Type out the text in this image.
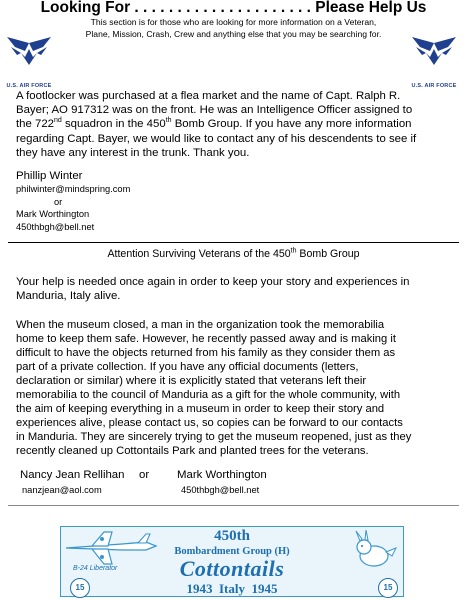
Looking For . . . . . . . . . . . . . . . . . . . . . Please Help Us
This section is for those who are looking for more information on a Veteran,
Plane, Mission, Crash, Crew and anything else that you may be searching for.
U.S. AIR FORCE	U.S. AIR FORCE
A footlocker was purchased at a flea market and the name of Capt. Ralph R.
Bayer; AO 917312 was on the front. He was an Intelligence Officer assigned to
the 722nd squadron in the 450th Bomb Group. If you have any more information
regarding Capt. Bayer, we would like to contact any of his descendents to see if
they have any interest in the trunk. Thank you.
Phillip Winter
philwinter@mindspring.com
or
Mark Worthington
450thbgh@bell.net
Attention Surviving Veterans of the 450th Bomb Group
Your help is needed once again in order to keep your story and experiences in
Manduria, Italy alive.
When the museum closed, a man in the organization took the memorabilia
home to keep them safe. However, he recently passed away and is making it
difficult to have the objects returned from his family as they consider them as
part of a private collection. If you have any official documents (letters,
declaration or similar) where it is explicitly stated that veterans left their
memorabilia to the council of Manduria as a gift for the whole community, with
the aim of keeping everything in a museum in order to keep their story and
experiences alive, please contact us, so copies can be forward to our contacts
in Manduria. They are sincerely trying to get the museum reopened, just as they
recently cleaned up Cottontails Park and planted trees for the veterans.
Nancy Jean Rellihan or Mark Worthington
nanzjean@aol.com	450thbgh@bell.net
B-24 Liberator
15	15
450th
Bombardment Group (H)
Cottontails
1943  Italy  1945
